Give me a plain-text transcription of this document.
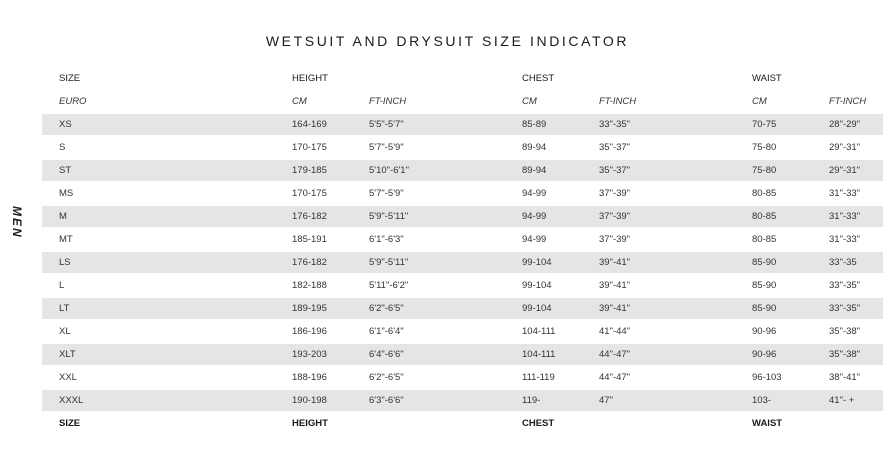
WETSUIT AND DRYSUIT SIZE INDICATOR
MEN
SIZE	HEIGHT		CHEST		WAIST	
EURO	CM	FT-INCH	CM	FT-INCH	CM	FT-INCH
XS	164-169	5'5"-5'7"	85-89	33"-35"	70-75	28"-29"
S	170-175	5'7"-5'9"	89-94	35"-37"	75-80	29"-31"
ST	179-185	5'10"-6'1"	89-94	35"-37"	75-80	29"-31"
MS	170-175	5'7"-5'9"	94-99	37"-39"	80-85	31"-33"
M	176-182	5'9"-5'11"	94-99	37"-39"	80-85	31"-33"
MT	185-191	6'1"-6'3"	94-99	37"-39"	80-85	31"-33"
LS	176-182	5'9"-5'11"	99-104	39"-41"	85-90	33"-35
L	182-188	5'11"-6'2"	99-104	39"-41"	85-90	33"-35"
LT	189-195	6'2"-6'5"	99-104	39"-41"	85-90	33"-35"
XL	186-196	6'1"-6'4"	104-111	41"-44"	90-96	35"-38"
XLT	193-203	6'4"-6'6"	104-111	44"-47"	90-96	35"-38"
XXL	188-196	6'2"-6'5"	111-119	44"-47"	96-103	38"-41"
XXXL	190-198	6'3"-6'6"	119-	47"	103-	41"- +
SIZE	HEIGHT		CHEST		WAIST	
